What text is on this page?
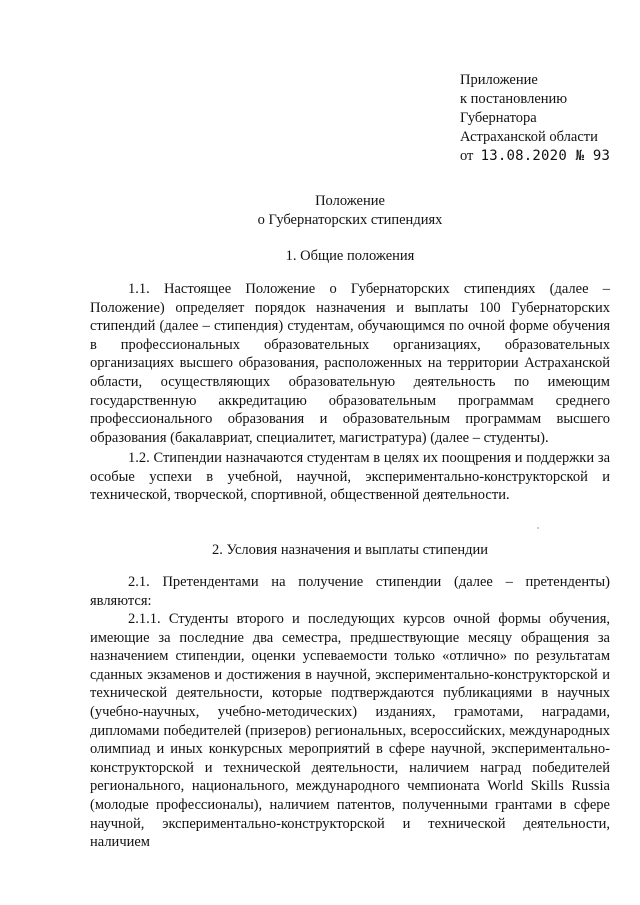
Приложение
к постановлению
Губернатора
Астраханской области
от 13.08.2020 № 93
Положение
о Губернаторских стипендиях
1. Общие положения
1.1. Настоящее Положение о Губернаторских стипендиях (далее – Положение) определяет порядок назначения и выплаты 100 Губернаторских стипендий (далее – стипендия) студентам, обучающимся по очной форме обучения в профессиональных образовательных организациях, образовательных организациях высшего образования, расположенных на территории Астраханской области, осуществляющих образовательную деятельность по имеющим государственную аккредитацию образовательным программам среднего профессионального образования и образовательным программам высшего образования (бакалавриат, специалитет, магистратура) (далее – студенты).
1.2. Стипендии назначаются студентам в целях их поощрения и поддержки за особые успехи в учебной, научной, экспериментально-конструкторской и технической, творческой, спортивной, общественной деятельности.
2. Условия назначения и выплаты стипендии
2.1. Претендентами на получение стипендии (далее – претенденты) являются:
2.1.1. Студенты второго и последующих курсов очной формы обучения, имеющие за последние два семестра, предшествующие месяцу обращения за назначением стипендии, оценки успеваемости только «отлично» по результатам сданных экзаменов и достижения в научной, экспериментально-конструкторской и технической деятельности, которые подтверждаются публикациями в научных (учебно-научных, учебно-методических) изданиях, грамотами, наградами, дипломами победителей (призеров) региональных, всероссийских, международных олимпиад и иных конкурсных мероприятий в сфере научной, экспериментально-конструкторской и технической деятельности, наличием наград победителей регионального, национального, международного чемпионата World Skills Russia (молодые профессионалы), наличием патентов, полученными грантами в сфере научной, экспериментально-конструкторской и технической деятельности, наличием
